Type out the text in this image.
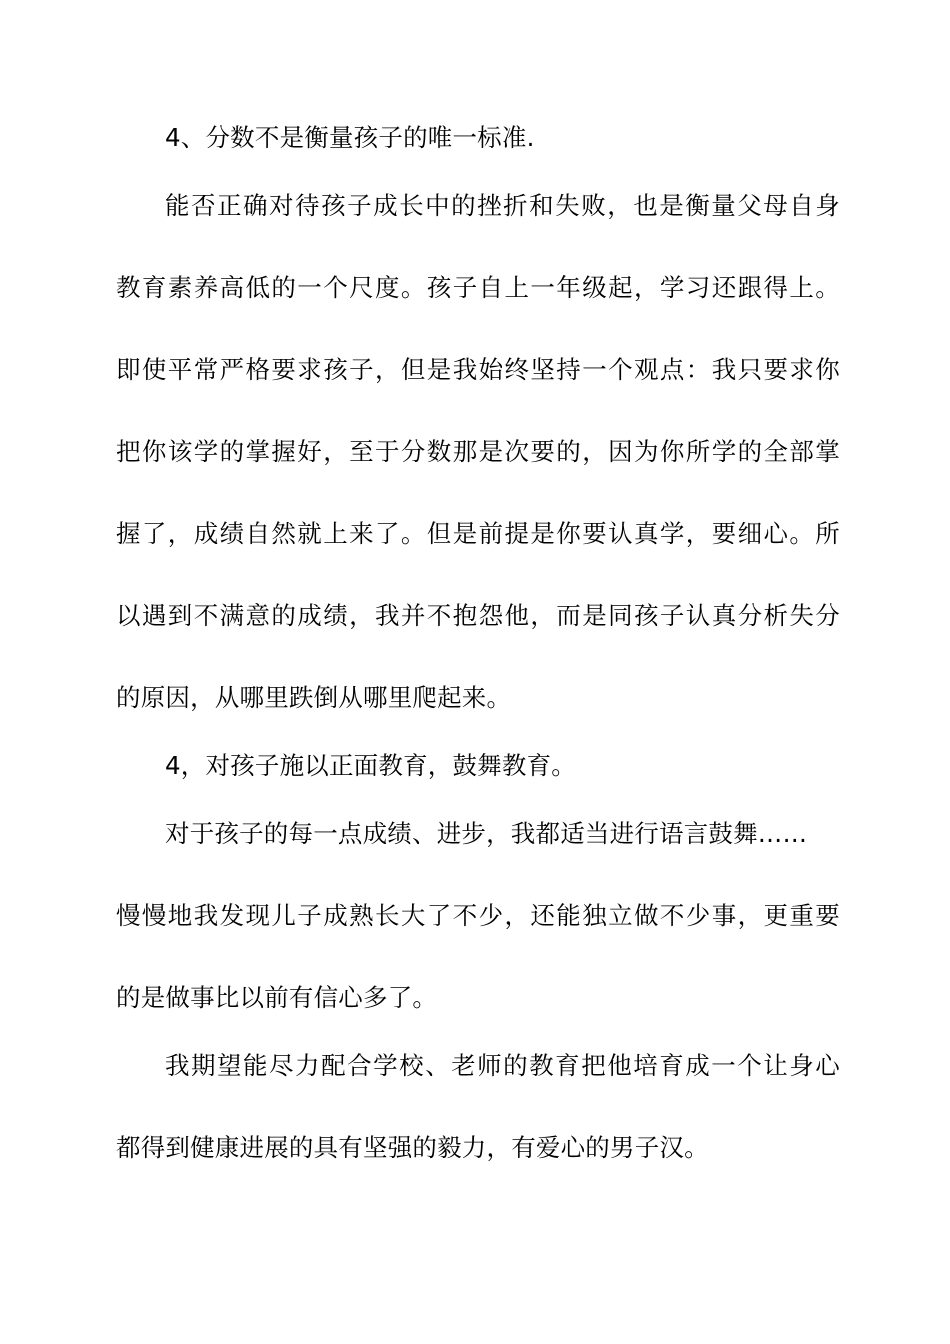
4、分数不是衡量孩子的唯一标准.
能否正确对待孩子成长中的挫折和失败，也是衡量父母自身
教育素养高低的一个尺度。孩子自上一年级起，学习还跟得上。
即使平常严格要求孩子，但是我始终坚持一个观点：我只要求你
把你该学的掌握好，至于分数那是次要的，因为你所学的全部掌
握了，成绩自然就上来了。但是前提是你要认真学，要细心。所
以遇到不满意的成绩，我并不抱怨他，而是同孩子认真分析失分
的原因，从哪里跌倒从哪里爬起来。
4，对孩子施以正面教育，鼓舞教育。
对于孩子的每一点成绩、进步，我都适当进行语言鼓舞……
慢慢地我发现儿子成熟长大了不少，还能独立做不少事，更重要
的是做事比以前有信心多了。
我期望能尽力配合学校、老师的教育把他培育成一个让身心
都得到健康进展的具有坚强的毅力，有爱心的男子汉。
